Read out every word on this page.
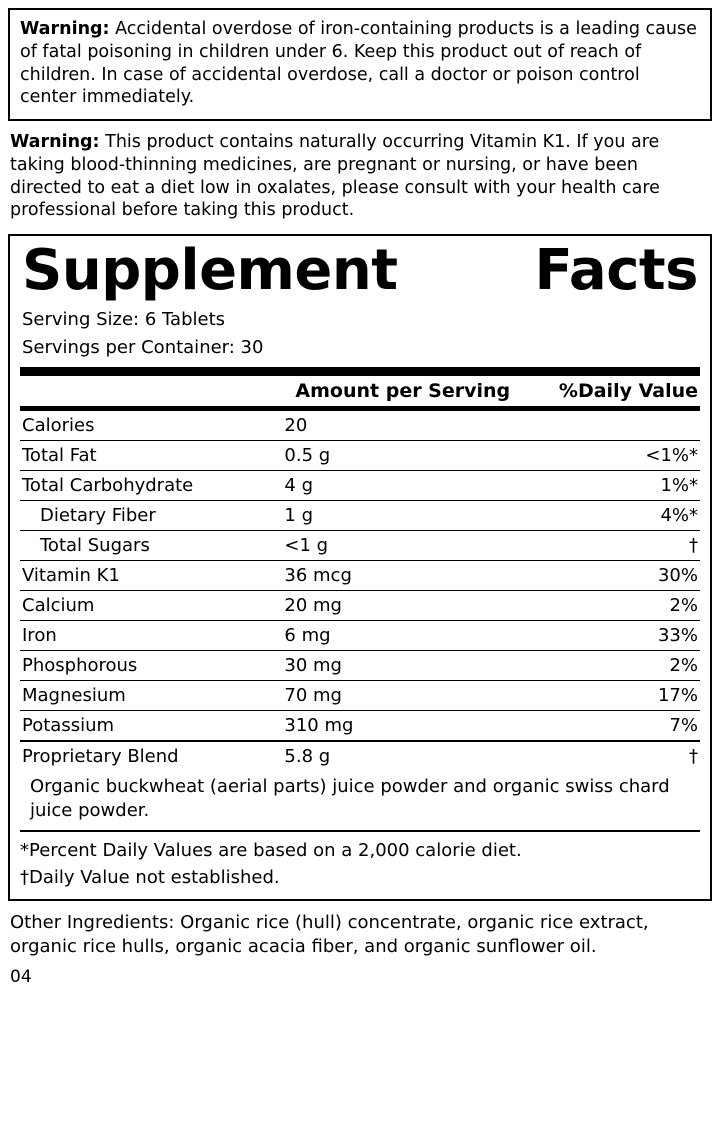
Warning: Accidental overdose of iron-containing products is a leading cause of fatal poisoning in children under 6. Keep this product out of reach of children. In case of accidental overdose, call a doctor or poison control center immediately.
Warning: This product contains naturally occurring Vitamin K1. If you are taking blood-thinning medicines, are pregnant or nursing, or have been directed to eat a diet low in oxalates, please consult with your health care professional before taking this product.
Supplement Facts
Serving Size: 6 Tablets
Servings per Container: 30
	Amount per Serving	%Daily Value
Calories	20	
Total Fat	0.5 g	<1%*
Total Carbohydrate	4 g	1%*
Dietary Fiber	1 g	4%*
Total Sugars	<1 g	†
Vitamin K1	36 mcg	30%
Calcium	20 mg	2%
Iron	6 mg	33%
Phosphorous	30 mg	2%
Magnesium	70 mg	17%
Potassium	310 mg	7%
Proprietary Blend	5.8 g	†
Organic buckwheat (aerial parts) juice powder and organic swiss chard juice powder.		
*Percent Daily Values are based on a 2,000 calorie diet.
†Daily Value not established.
Other Ingredients: Organic rice (hull) concentrate, organic rice extract, organic rice hulls, organic acacia fiber, and organic sunflower oil.
04
